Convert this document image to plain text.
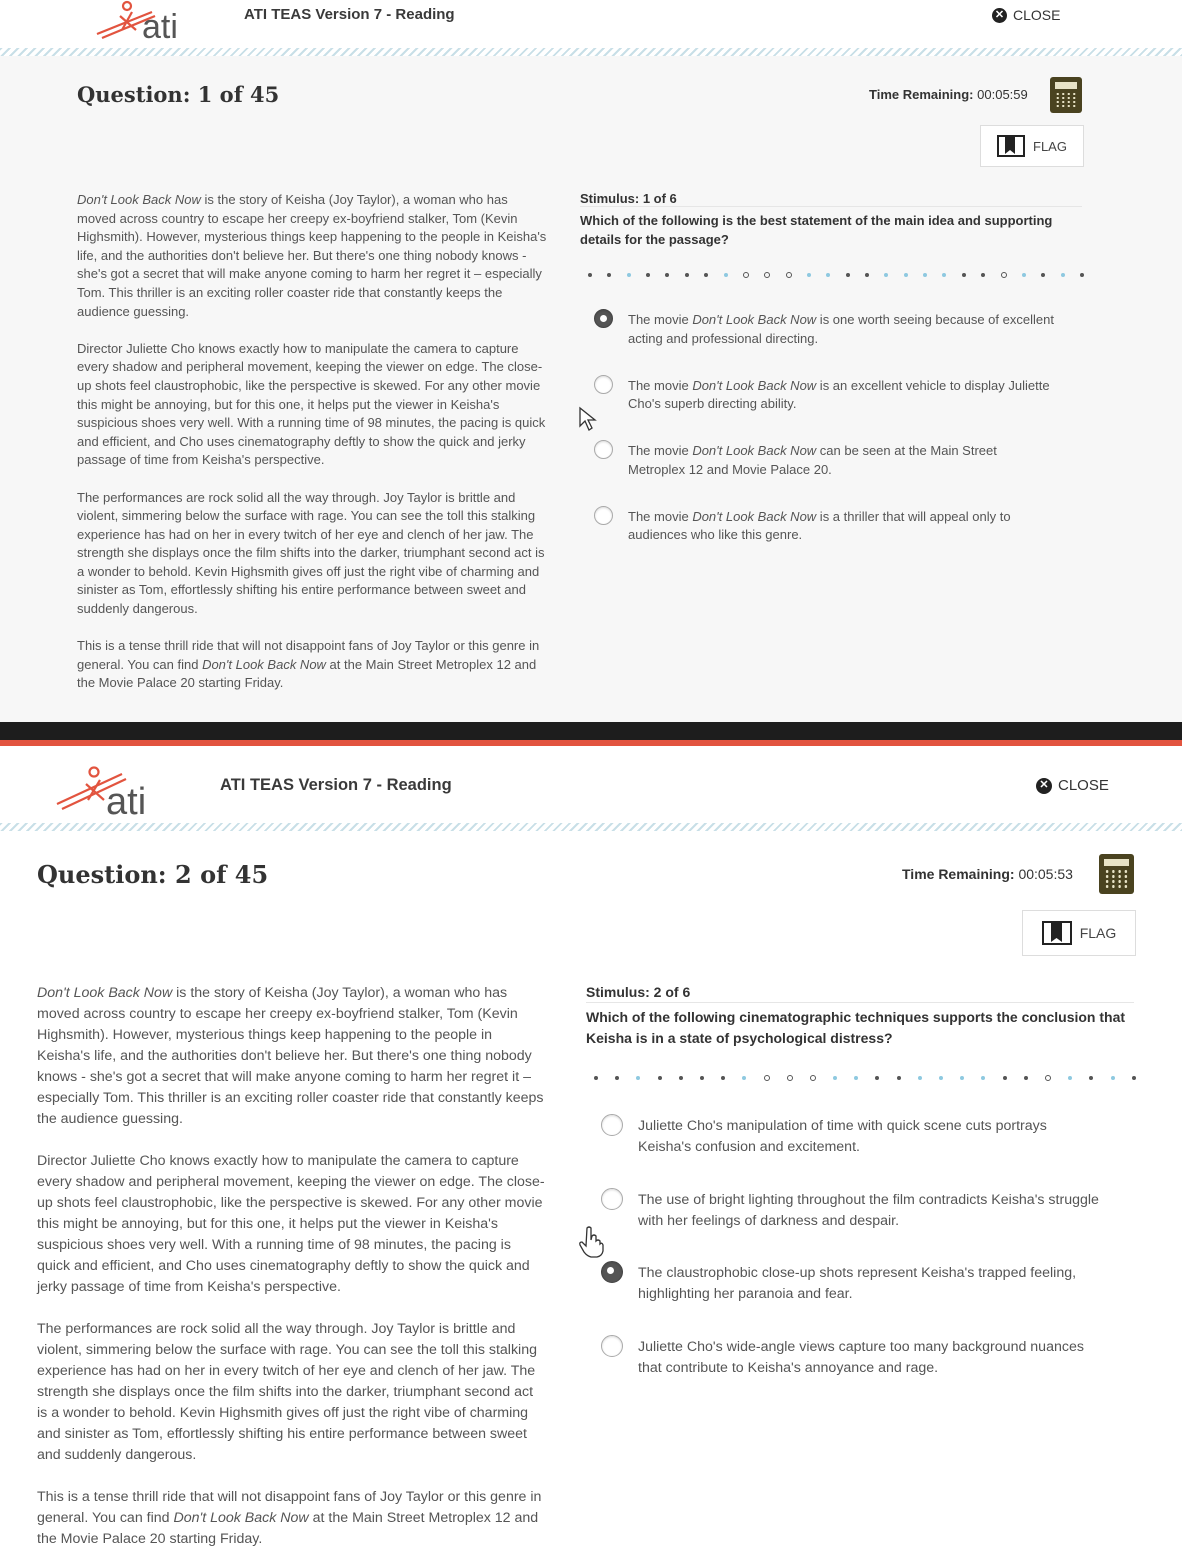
ati	ATI TEAS Version 7 - Reading	✕ CLOSE
Question: 1 of 45	Time Remaining: 00:05:59
FLAG

Don't Look Back Now is the story of Keisha (Joy Taylor), a woman who has moved across country to escape her creepy ex-boyfriend stalker, Tom (Kevin Highsmith). However, mysterious things keep happening to the people in Keisha's life, and the authorities don't believe her. But there's one thing nobody knows - she's got a secret that will make anyone coming to harm her regret it – especially Tom. This thriller is an exciting roller coaster ride that constantly keeps the audience guessing.

Director Juliette Cho knows exactly how to manipulate the camera to capture every shadow and peripheral movement, keeping the viewer on edge. The close-up shots feel claustrophobic, like the perspective is skewed. For any other movie this might be annoying, but for this one, it helps put the viewer in Keisha's suspicious shoes very well. With a running time of 98 minutes, the pacing is quick and efficient, and Cho uses cinematography deftly to show the quick and jerky passage of time from Keisha's perspective.

The performances are rock solid all the way through. Joy Taylor is brittle and violent, simmering below the surface with rage. You can see the toll this stalking experience has had on her in every twitch of her eye and clench of her jaw. The strength she displays once the film shifts into the darker, triumphant second act is a wonder to behold. Kevin Highsmith gives off just the right vibe of charming and sinister as Tom, effortlessly shifting his entire performance between sweet and suddenly dangerous.

This is a tense thrill ride that will not disappoint fans of Joy Taylor or this genre in general. You can find Don't Look Back Now at the Main Street Metroplex 12 and the Movie Palace 20 starting Friday.

Stimulus: 1 of 6
Which of the following is the best statement of the main idea and supporting details for the passage?
The movie Don't Look Back Now is one worth seeing because of excellent acting and professional directing.
The movie Don't Look Back Now is an excellent vehicle to display Juliette Cho's superb directing ability.
The movie Don't Look Back Now can be seen at the Main Street Metroplex 12 and Movie Palace 20.
The movie Don't Look Back Now is a thriller that will appeal only to audiences who like this genre.
ati	ATI TEAS Version 7 - Reading	✕ CLOSE
Question: 2 of 45	Time Remaining: 00:05:53
FLAG

Don't Look Back Now is the story of Keisha (Joy Taylor), a woman who has moved across country to escape her creepy ex-boyfriend stalker, Tom (Kevin Highsmith). However, mysterious things keep happening to the people in Keisha's life, and the authorities don't believe her. But there's one thing nobody knows - she's got a secret that will make anyone coming to harm her regret it – especially Tom. This thriller is an exciting roller coaster ride that constantly keeps the audience guessing.

Director Juliette Cho knows exactly how to manipulate the camera to capture every shadow and peripheral movement, keeping the viewer on edge. The close-up shots feel claustrophobic, like the perspective is skewed. For any other movie this might be annoying, but for this one, it helps put the viewer in Keisha's suspicious shoes very well. With a running time of 98 minutes, the pacing is quick and efficient, and Cho uses cinematography deftly to show the quick and jerky passage of time from Keisha's perspective.

The performances are rock solid all the way through. Joy Taylor is brittle and violent, simmering below the surface with rage. You can see the toll this stalking experience has had on her in every twitch of her eye and clench of her jaw. The strength she displays once the film shifts into the darker, triumphant second act is a wonder to behold. Kevin Highsmith gives off just the right vibe of charming and sinister as Tom, effortlessly shifting his entire performance between sweet and suddenly dangerous.

This is a tense thrill ride that will not disappoint fans of Joy Taylor or this genre in general. You can find Don't Look Back Now at the Main Street Metroplex 12 and the Movie Palace 20 starting Friday.

Stimulus: 2 of 6
Which of the following cinematographic techniques supports the conclusion that Keisha is in a state of psychological distress?
Juliette Cho's manipulation of time with quick scene cuts portrays Keisha's confusion and excitement.
The use of bright lighting throughout the film contradicts Keisha's struggle with her feelings of darkness and despair.
The claustrophobic close-up shots represent Keisha's trapped feeling, highlighting her paranoia and fear.
Juliette Cho's wide-angle views capture too many background nuances that contribute to Keisha's annoyance and rage.
